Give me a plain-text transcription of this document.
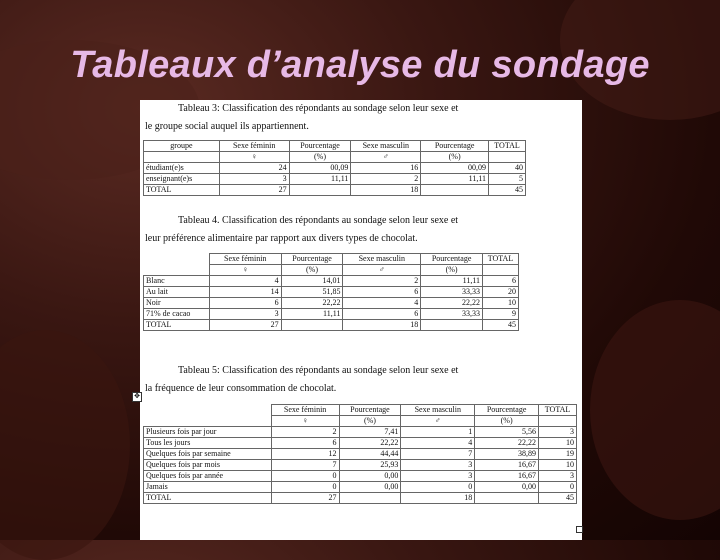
Tableaux d’analyse du sondage
Tableau 3: Classification des répondants au sondage selon leur sexe et
le groupe social auquel ils appartiennent.
groupe	Sexe féminin	Pourcentage	Sexe masculin	Pourcentage	TOTAL
	♀	(%)	♂	(%)	
étudiant(e)s	24	00,09	16	00,09	40
enseignant(e)s	3	11,11	2	11,11	5
TOTAL	27		18		45
Tableau 4. Classification des répondants au sondage selon leur sexe et
leur préférence alimentaire par rapport aux divers types de chocolat.
	Sexe féminin	Pourcentage	Sexe masculin	Pourcentage	TOTAL
	♀	(%)	♂	(%)	
Blanc	4	14,01	2	11,11	6
Au lait	14	51,85	6	33,33	20
Noir	6	22,22	4	22,22	10
71% de cacao	3	11,11	6	33,33	9
TOTAL	27		18		45
Tableau 5: Classification des répondants au sondage selon leur sexe et
la fréquence de leur consommation de chocolat.
	Sexe féminin	Pourcentage	Sexe masculin	Pourcentage	TOTAL
	♀	(%)	♂	(%)	
Plusieurs fois par jour	2	7,41	1	5,56	3
Tous les jours	6	22,22	4	22,22	10
Quelques fois par semaine	12	44,44	7	38,89	19
Quelques fois par mois	7	25,93	3	16,67	10
Quelques fois par année	0	0,00	3	16,67	3
Jamais	0	0,00	0	0,00	0
TOTAL	27		18		45
✥
